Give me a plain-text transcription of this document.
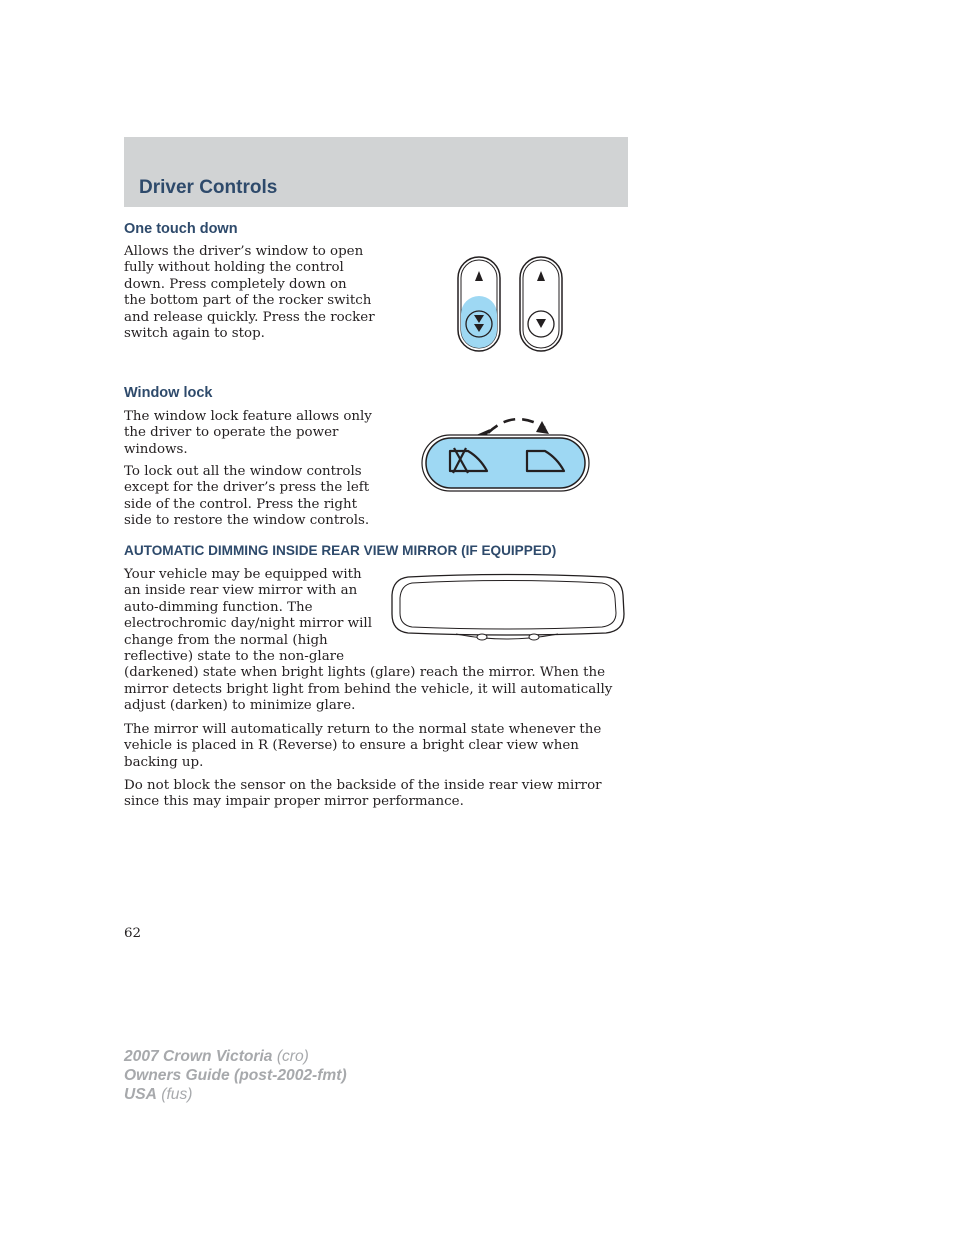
Driver Controls
One touch down
Allows the driver’s window to open
fully without holding the control
down. Press completely down on
the bottom part of the rocker switch
and release quickly. Press the rocker
switch again to stop.
Window lock
The window lock feature allows only
the driver to operate the power
windows.
To lock out all the window controls
except for the driver’s press the left
side of the control. Press the right
side to restore the window controls.
AUTOMATIC DIMMING INSIDE REAR VIEW MIRROR (IF EQUIPPED)
Your vehicle may be equipped with
an inside rear view mirror with an
auto-dimming function. The
electrochromic day/night mirror will
change from the normal (high
reflective) state to the non-glare
(darkened) state when bright lights (glare) reach the mirror. When the
mirror detects bright light from behind the vehicle, it will automatically
adjust (darken) to minimize glare.
The mirror will automatically return to the normal state whenever the
vehicle is placed in R (Reverse) to ensure a bright clear view when
backing up.
Do not block the sensor on the backside of the inside rear view mirror
since this may impair proper mirror performance.

62

2007 Crown Victoria (cro)
Owners Guide (post-2002-fmt)
USA (fus)
